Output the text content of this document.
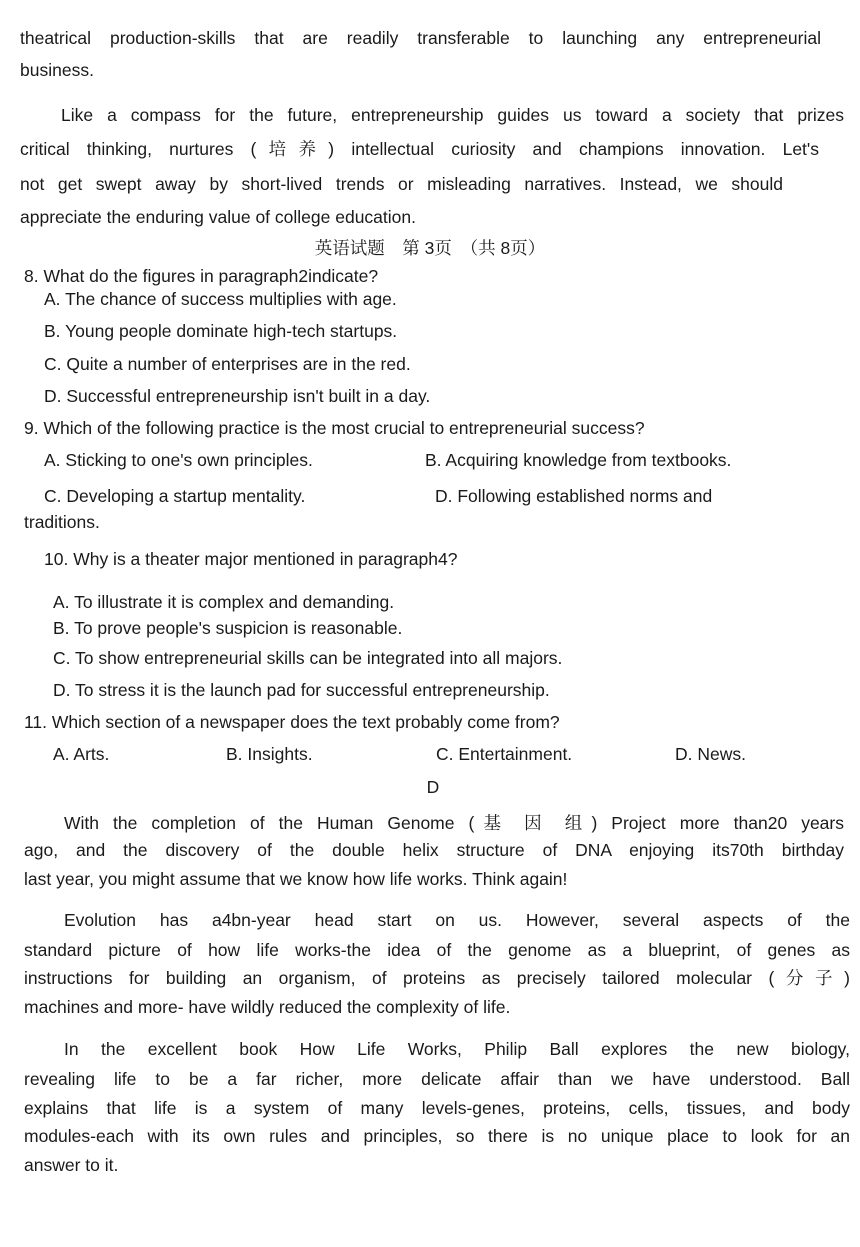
theatrical production-skills that are readily transferable to launching any entrepreneurial
business.
Like a compass for the future, entrepreneurship guides us toward a society that prizes
critical thinking, nurtures (培养) intellectual curiosity and champions innovation. Let's
not get swept away by short-lived trends or misleading narratives. Instead, we should
appreciate the enduring value of college education.
英语试题　第 3页　（共 8页）
8. What do the figures in paragraph2indicate?
A. The chance of success multiplies with age.
B. Young people dominate high-tech startups.
C. Quite a number of enterprises are in the red.
D. Successful entrepreneurship isn't built in a day.
9. Which of the following practice is the most crucial to entrepreneurial success?
A. Sticking to one's own principles.	B. Acquiring knowledge from textbooks.
C. Developing a startup mentality.	D. Following established norms and
traditions.
10. Why is a theater major mentioned in paragraph4?
A. To illustrate it is complex and demanding.
B. To prove people's suspicion is reasonable.
C. To show entrepreneurial skills can be integrated into all majors.
D. To stress it is the launch pad for successful entrepreneurship.
11. Which section of a newspaper does the text probably come from?
A. Arts.	B. Insights.	C. Entertainment.	D. News.
D
With the completion of the Human Genome (基 因 组) Project more than20 years
ago, and the discovery of the double helix structure of DNA enjoying its70th birthday
last year, you might assume that we know how life works. Think again!
Evolution has a4bn-year head start on us. However, several aspects of the
standard picture of how life works-the idea of the genome as a blueprint, of genes as
instructions for building an organism, of proteins as precisely tailored molecular (分子)
machines and more- have wildly reduced the complexity of life.
In the excellent book How Life Works, Philip Ball explores the new biology,
revealing life to be a far richer, more delicate affair than we have understood. Ball
explains that life is a system of many levels-genes, proteins, cells, tissues, and body
modules-each with its own rules and principles, so there is no unique place to look for an
answer to it.
